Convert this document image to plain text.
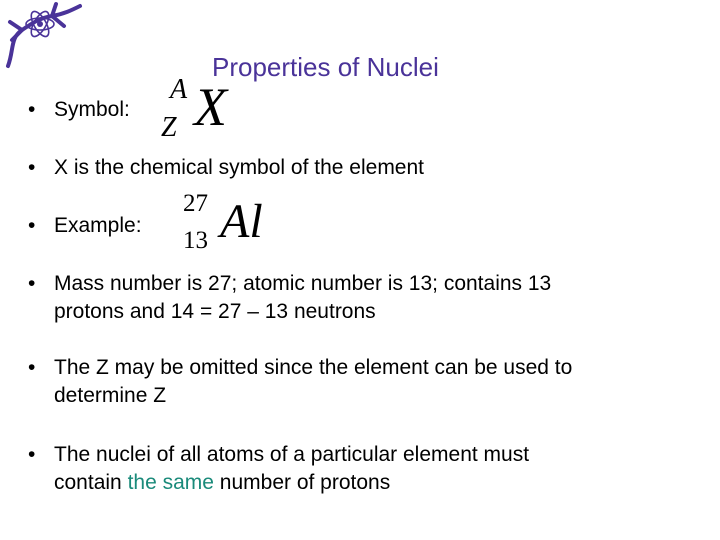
Properties of Nuclei
• Symbol:
A
Z X
• X is the chemical symbol of the element
• Example:
27
13 Al
• Mass number is 27; atomic number is 13; contains 13
protons and 14 = 27 – 13 neutrons
• The Z may be omitted since the element can be used to
determine Z
• The nuclei of all atoms of a particular element must
contain the same number of protons
